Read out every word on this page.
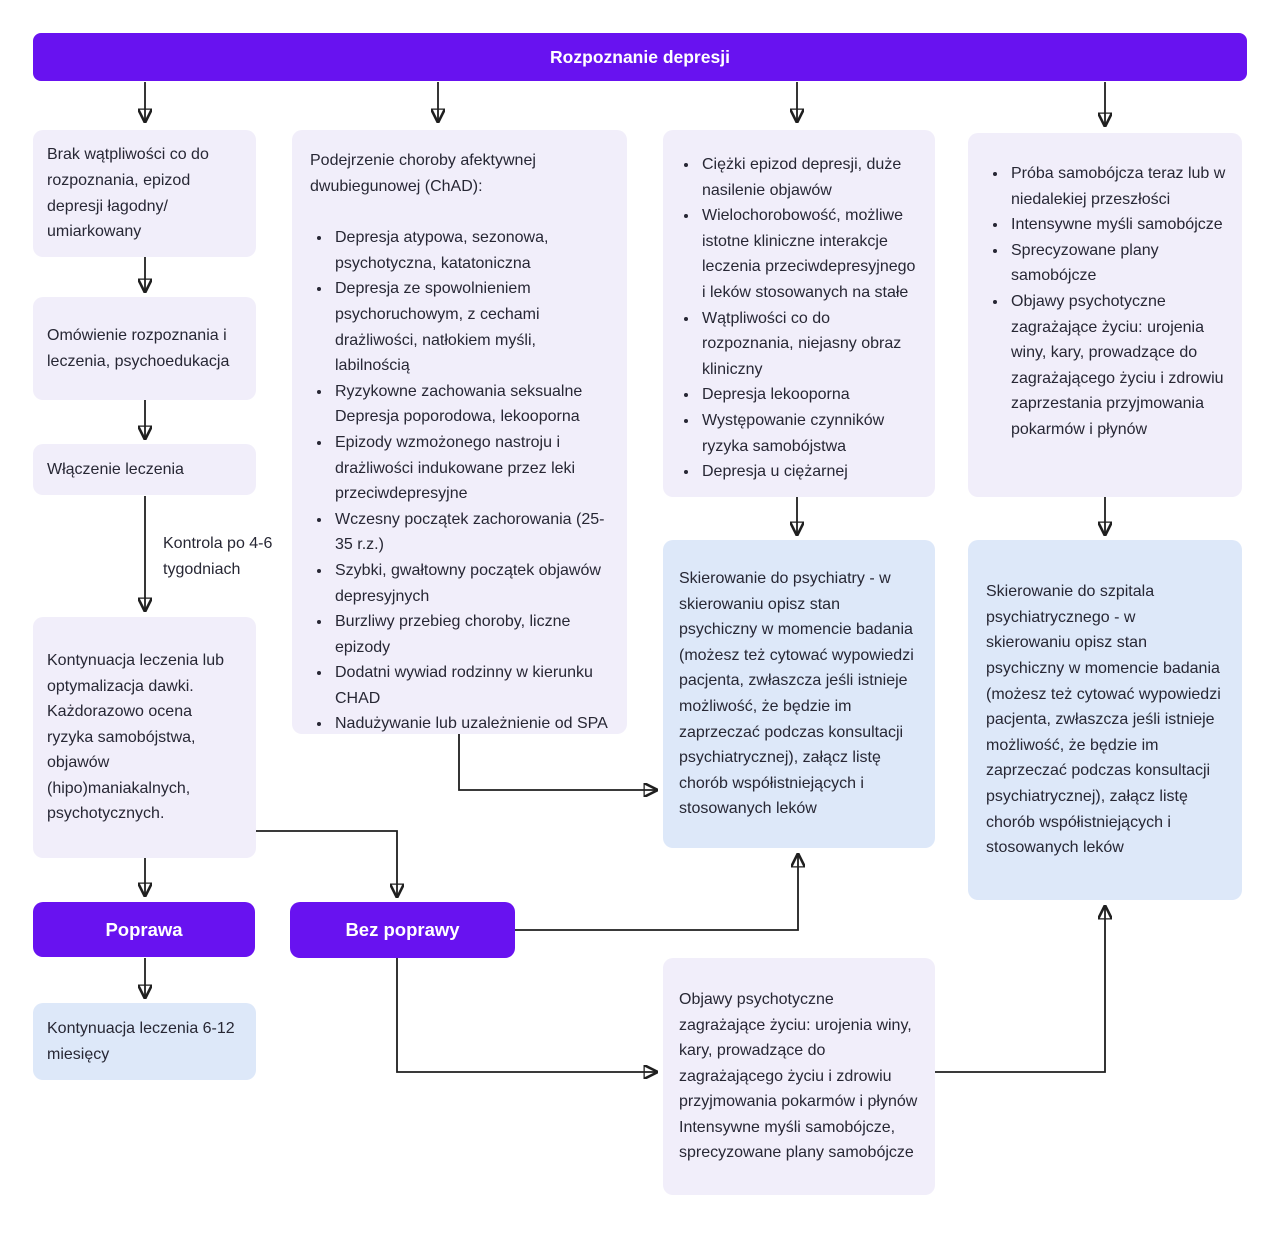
Rozpoznanie depresji
Brak wątpliwości co do rozpoznania, epizod depresji łagodny/ umiarkowany
Omówienie rozpoznania i leczenia, psychoedukacja
Włączenie leczenia
Kontrola po 4-6 tygodniach
Kontynuacja leczenia lub optymalizacja dawki. Każdorazowo ocena ryzyka samobójstwa, objawów (hipo)maniakalnych, psychotycznych.
Poprawa
Kontynuacja leczenia 6-12 miesięcy
Podejrzenie choroby afektywnej dwubiegunowej (ChAD):
• Depresja atypowa, sezonowa, psychotyczna, katatoniczna
• Depresja ze spowolnieniem psychoruchowym, z cechami drażliwości, natłokiem myśli, labilnością
• Ryzykowne zachowania seksualne Depresja poporodowa, lekooporna
• Epizody wzmożonego nastroju i drażliwości indukowane przez leki przeciwdepresyjne
• Wczesny początek zachorowania (25-35 r.z.)
• Szybki, gwałtowny początek objawów depresyjnych
• Burzliwy przebieg choroby, liczne epizody
• Dodatni wywiad rodzinny w kierunku CHAD
• Nadużywanie lub uzależnienie od SPA
Bez poprawy
• Ciężki epizod depresji, duże nasilenie objawów
• Wielochorobowość, możliwe istotne kliniczne interakcje leczenia przeciwdepresyjnego i leków stosowanych na stałe
• Wątpliwości co do rozpoznania, niejasny obraz kliniczny
• Depresja lekooporna
• Występowanie czynników ryzyka samobójstwa
• Depresja u ciężarnej
Skierowanie do psychiatry - w skierowaniu opisz stan psychiczny w momencie badania (możesz też cytować wypowiedzi pacjenta, zwłaszcza jeśli istnieje możliwość, że będzie im zaprzeczać podczas konsultacji psychiatrycznej), załącz listę chorób współistniejących i stosowanych leków
Objawy psychotyczne zagrażające życiu: urojenia winy, kary, prowadzące do zagrażającego życiu i zdrowiu przyjmowania pokarmów i płynów Intensywne myśli samobójcze, sprecyzowane plany samobójcze
• Próba samobójcza teraz lub w niedalekiej przeszłości
• Intensywne myśli samobójcze
• Sprecyzowane plany samobójcze
• Objawy psychotyczne zagrażające życiu: urojenia winy, kary, prowadzące do zagrażającego życiu i zdrowiu zaprzestania przyjmowania pokarmów i płynów
Skierowanie do szpitala psychiatrycznego - w skierowaniu opisz stan psychiczny w momencie badania (możesz też cytować wypowiedzi pacjenta, zwłaszcza jeśli istnieje możliwość, że będzie im zaprzeczać podczas konsultacji psychiatrycznej), załącz listę chorób współistniejących i stosowanych leków
